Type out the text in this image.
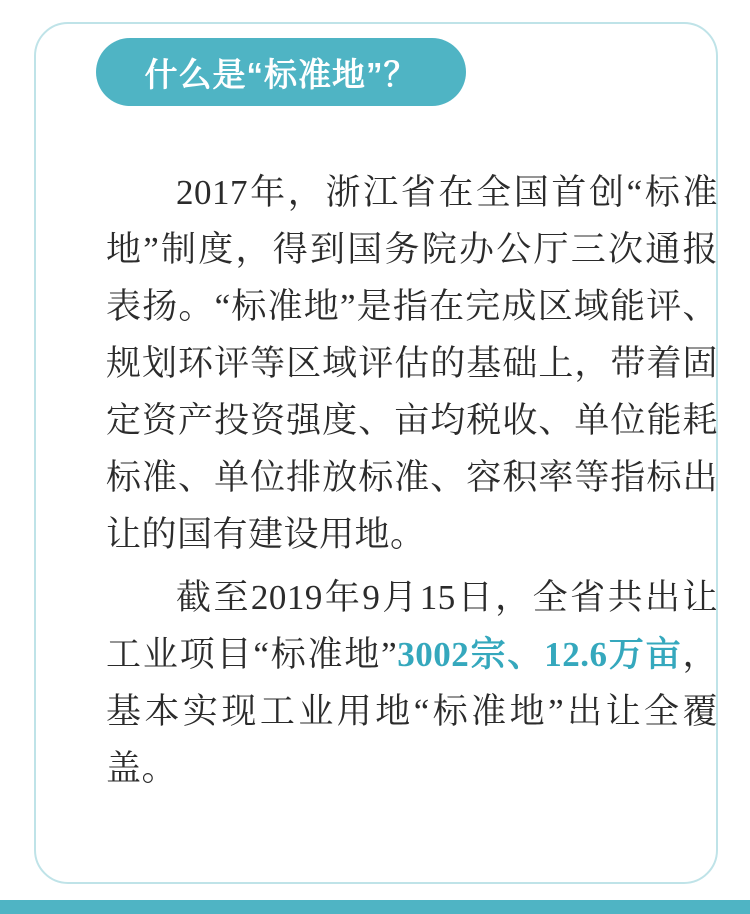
2017年，浙江省在全国首创“标准地”制度，得到国务院办公厅三次通报表扬。“标准地”是指在完成区域能评、规划环评等区域评估的基础上，带着固定资产投资强度、亩均税收、单位能耗标准、单位排放标准、容积率等指标出让的国有建设用地。

截至2019年9月15日，全省共出让工业项目“标准地”3002宗、12.6万亩，基本实现工业用地“标准地”出让全覆盖。

什么是“标准地”？
